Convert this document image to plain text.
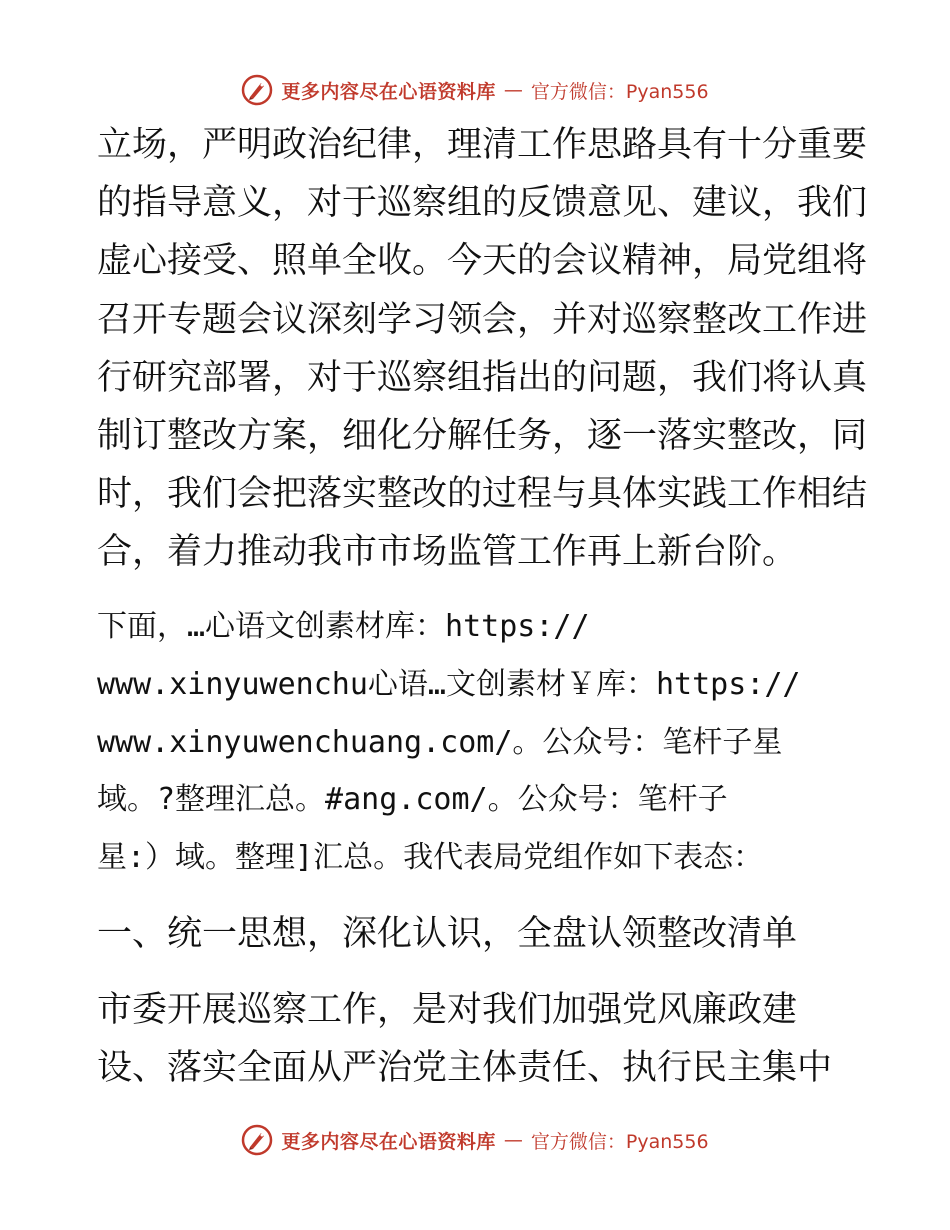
更多内容尽在心语资料库 — 官方微信：Pyan556

立场，严明政治纪律，理清工作思路具有十分重要

的指导意义，对于巡察组的反馈意见、建议，我们

虚心接受、照单全收。今天的会议精神，局党组将

召开专题会议深刻学习领会，并对巡察整改工作进

行研究部署，对于巡察组指出的问题，我们将认真

制订整改方案，细化分解任务，逐一落实整改，同

时，我们会把落实整改的过程与具体实践工作相结

合，着力推动我市市场监管工作再上新台阶。

下面，…心语文创素材库：https://

www.xinyuwenchu心语…文创素材￥库：https://

www.xinyuwenchuang.com/。公众号：笔杆子星

域。?整理汇总。#ang.com/。公众号：笔杆子

星:）域。整理]汇总。我代表局党组作如下表态：

一、统一思想，深化认识，全盘认领整改清单

市委开展巡察工作，是对我们加强党风廉政建

设、落实全面从严治党主体责任、执行民主集中

更多内容尽在心语资料库 — 官方微信：Pyan556
